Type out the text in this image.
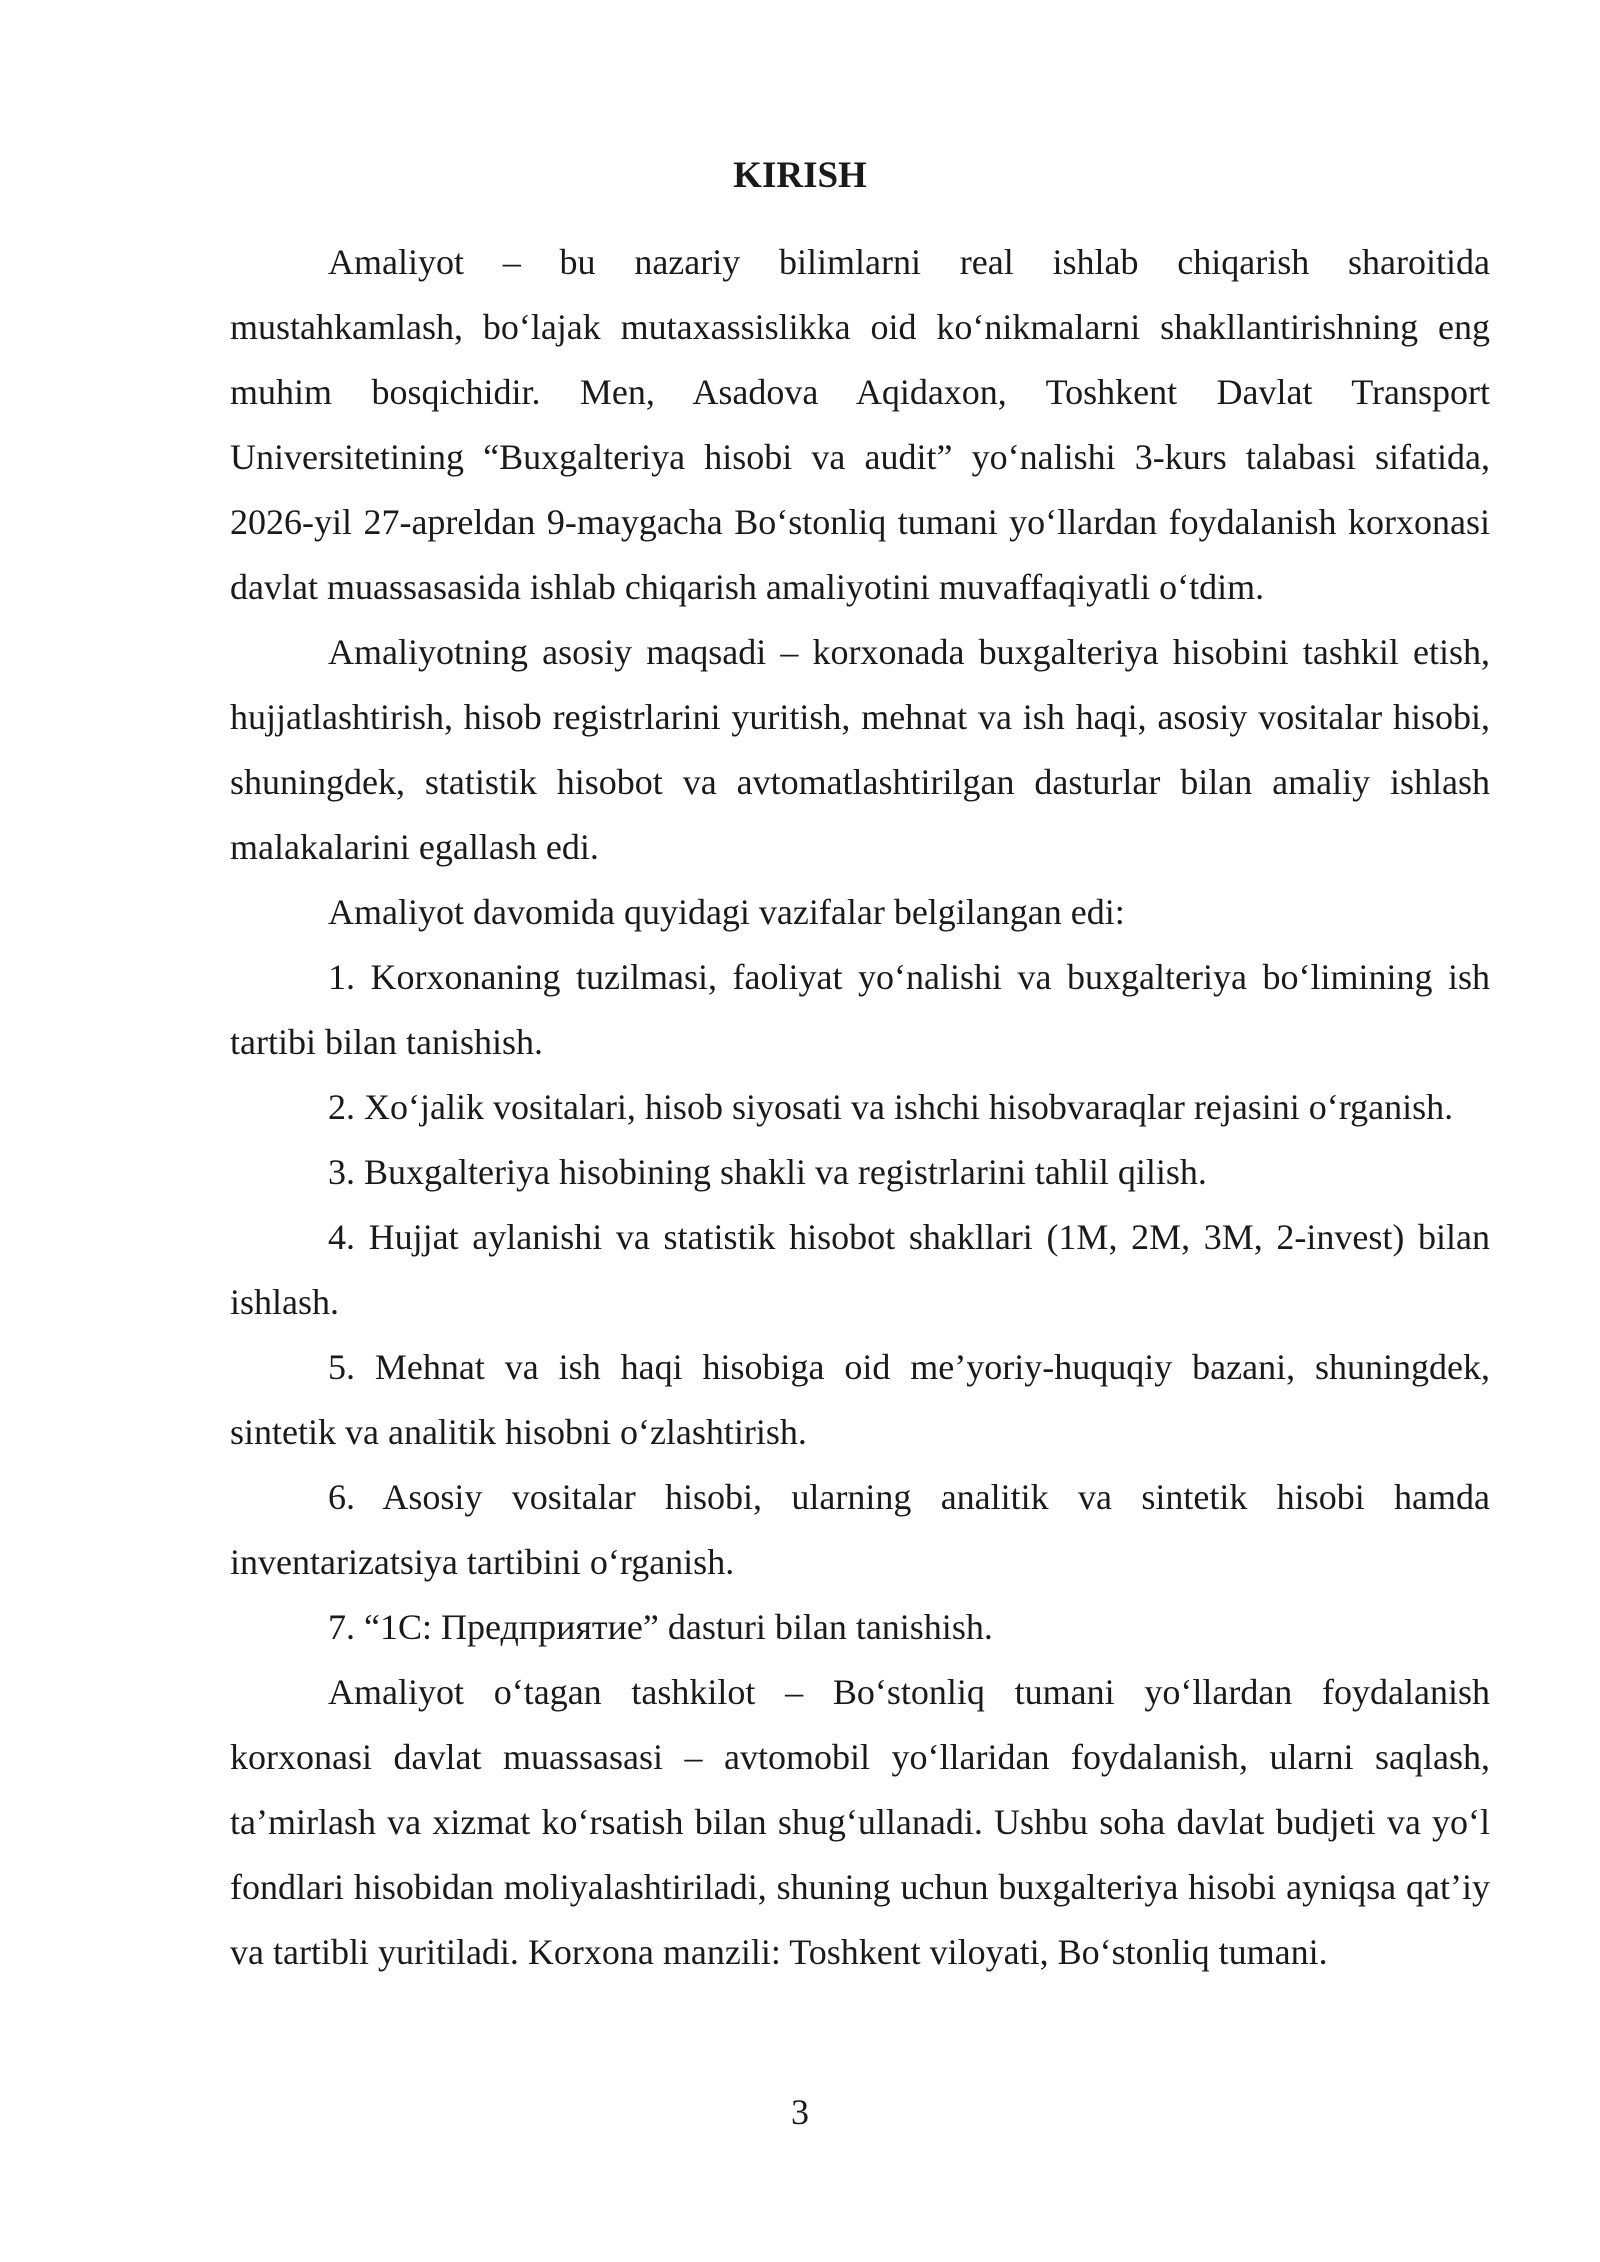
KIRISH

Amaliyot – bu nazariy bilimlarni real ishlab chiqarish sharoitida mustahkamlash, bo‘lajak mutaxassislikka oid ko‘nikmalarni shakllantirishning eng muhim bosqichidir. Men, Asadova Aqidaxon, Toshkent Davlat Transport Universitetining “Buxgalteriya hisobi va audit” yo‘nalishi 3-kurs talabasi sifatida, 2026-yil 27-apreldan 9-maygacha Bo‘stonliq tumani yo‘llardan foydalanish korxonasi davlat muassasasida ishlab chiqarish amaliyotini muvaffaqiyatli o‘tdim.

Amaliyotning asosiy maqsadi – korxonada buxgalteriya hisobini tashkil etish, hujjatlashtirish, hisob registrlarini yuritish, mehnat va ish haqi, asosiy vositalar hisobi, shuningdek, statistik hisobot va avtomatlashtirilgan dasturlar bilan amaliy ishlash malakalarini egallash edi.

Amaliyot davomida quyidagi vazifalar belgilangan edi:

1. Korxonaning tuzilmasi, faoliyat yo‘nalishi va buxgalteriya bo‘limining ish tartibi bilan tanishish.

2. Xo‘jalik vositalari, hisob siyosati va ishchi hisobvaraqlar rejasini o‘rganish.

3. Buxgalteriya hisobining shakli va registrlarini tahlil qilish.

4. Hujjat aylanishi va statistik hisobot shakllari (1M, 2M, 3M, 2-invest) bilan ishlash.

5. Mehnat va ish haqi hisobiga oid me’yoriy-huquqiy bazani, shuningdek, sintetik va analitik hisobni o‘zlashtirish.

6. Asosiy vositalar hisobi, ularning analitik va sintetik hisobi hamda inventarizatsiya tartibini o‘rganish.

7. “1C: Предприятие” dasturi bilan tanishish.

Amaliyot o‘tagan tashkilot – Bo‘stonliq tumani yo‘llardan foydalanish korxonasi davlat muassasasi – avtomobil yo‘llaridan foydalanish, ularni saqlash, ta’mirlash va xizmat ko‘rsatish bilan shug‘ullanadi. Ushbu soha davlat budjeti va yo‘l fondlari hisobidan moliyalashtiriladi, shuning uchun buxgalteriya hisobi ayniqsa qat’iy va tartibli yuritiladi. Korxona manzili: Toshkent viloyati, Bo‘stonliq tumani.

3
